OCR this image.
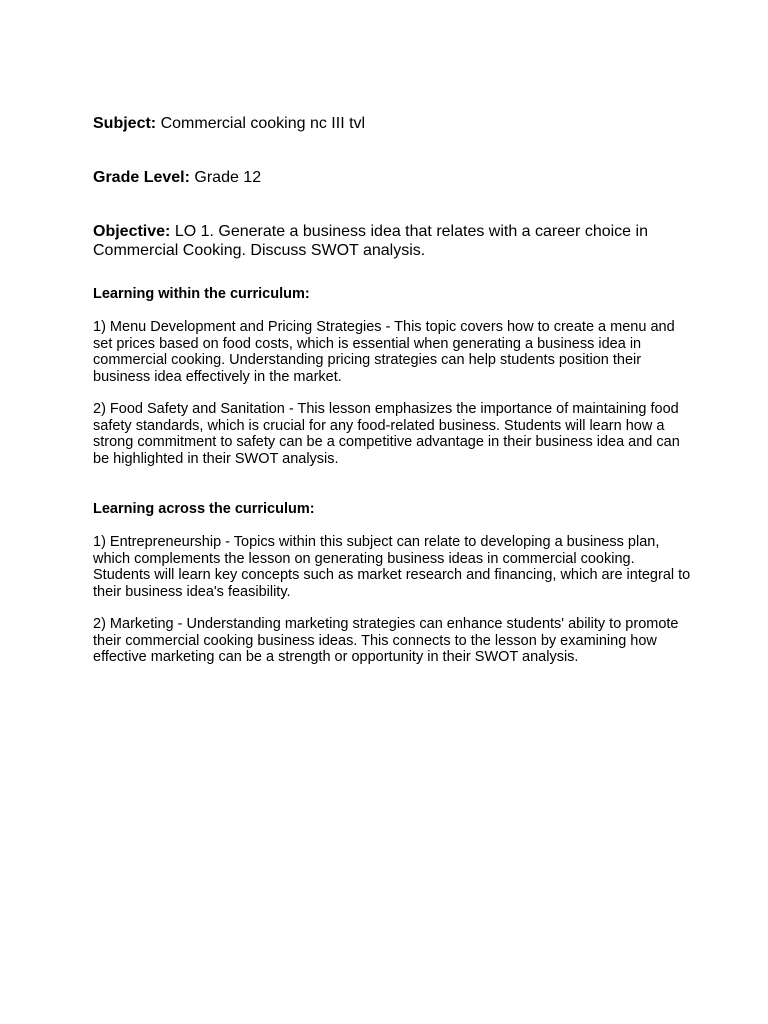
Subject: Commercial cooking nc III tvl

Grade Level: Grade 12

Objective: LO 1. Generate a business idea that relates with a career choice in Commercial Cooking. Discuss SWOT analysis.

Learning within the curriculum:

1) Menu Development and Pricing Strategies - This topic covers how to create a menu and set prices based on food costs, which is essential when generating a business idea in commercial cooking. Understanding pricing strategies can help students position their business idea effectively in the market.

2) Food Safety and Sanitation - This lesson emphasizes the importance of maintaining food safety standards, which is crucial for any food-related business. Students will learn how a strong commitment to safety can be a competitive advantage in their business idea and can be highlighted in their SWOT analysis.

Learning across the curriculum:

1) Entrepreneurship - Topics within this subject can relate to developing a business plan, which complements the lesson on generating business ideas in commercial cooking. Students will learn key concepts such as market research and financing, which are integral to their business idea's feasibility.

2) Marketing - Understanding marketing strategies can enhance students' ability to promote their commercial cooking business ideas. This connects to the lesson by examining how effective marketing can be a strength or opportunity in their SWOT analysis.
